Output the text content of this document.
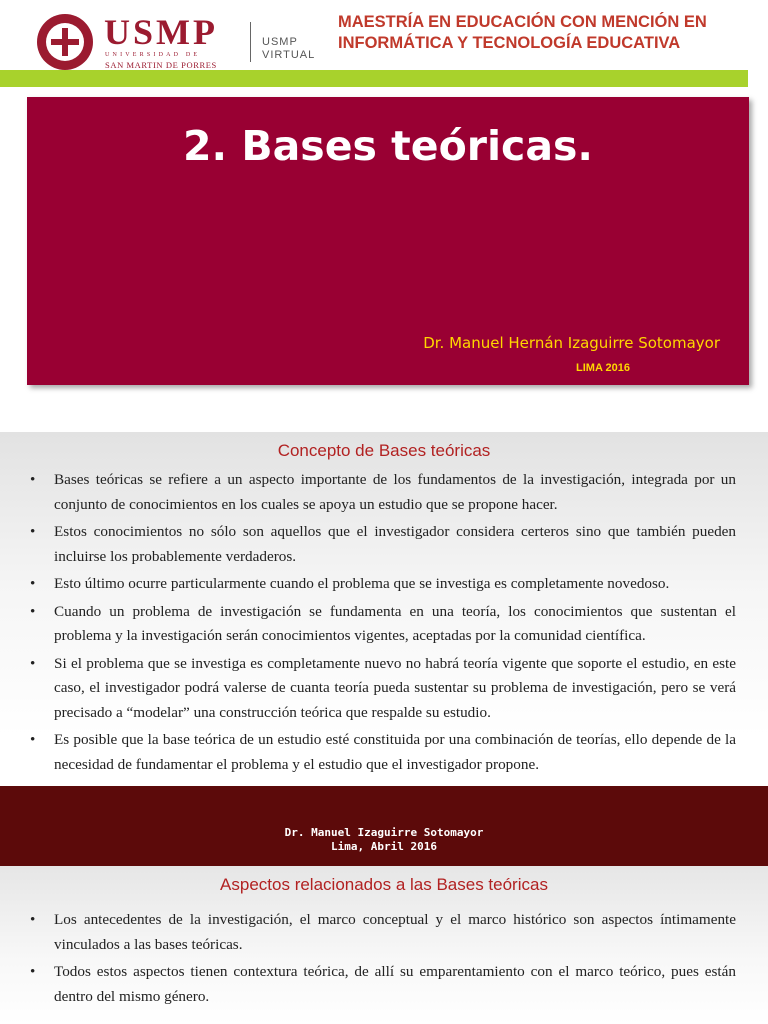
USMP
UNIVERSIDAD DE
SAN MARTIN DE PORRES
USMP
VIRTUAL
MAESTRÍA EN EDUCACIÓN CON MENCIÓN EN INFORMÁTICA Y TECNOLOGÍA EDUCATIVA
2. Bases teóricas.
Dr. Manuel Hernán Izaguirre Sotomayor
LIMA 2016
Concepto de Bases teóricas
• Bases teóricas se refiere a un aspecto importante de los fundamentos de la investigación, integrada por un conjunto de conocimientos en los cuales se apoya un estudio que se propone hacer.
• Estos conocimientos no sólo son aquellos que el investigador considera certeros sino que también pueden incluirse los probablemente verdaderos.
• Esto último ocurre particularmente cuando el problema que se investiga es completamente novedoso.
• Cuando un problema de investigación se fundamenta en una teoría, los conocimientos que sustentan el problema y la investigación serán conocimientos vigentes, aceptadas por la comunidad científica.
• Si el problema que se investiga es completamente nuevo no habrá teoría vigente que soporte el estudio, en este caso, el investigador podrá valerse de cuanta teoría pueda sustentar su problema de investigación, pero se verá precisado a “modelar” una construcción teórica que respalde su estudio.
• Es posible que la base teórica de un estudio esté constituida por una combinación de teorías, ello depende de la necesidad de fundamentar el problema y el estudio que el investigador propone.
Dr. Manuel Izaguirre Sotomayor
Lima, Abril 2016
Aspectos relacionados a las Bases teóricas
• Los antecedentes de la investigación, el marco conceptual y el marco histórico son aspectos íntimamente vinculados a las bases teóricas.
• Todos estos aspectos tienen contextura teórica, de allí su emparentamiento con el marco teórico, pues están dentro del mismo género.
